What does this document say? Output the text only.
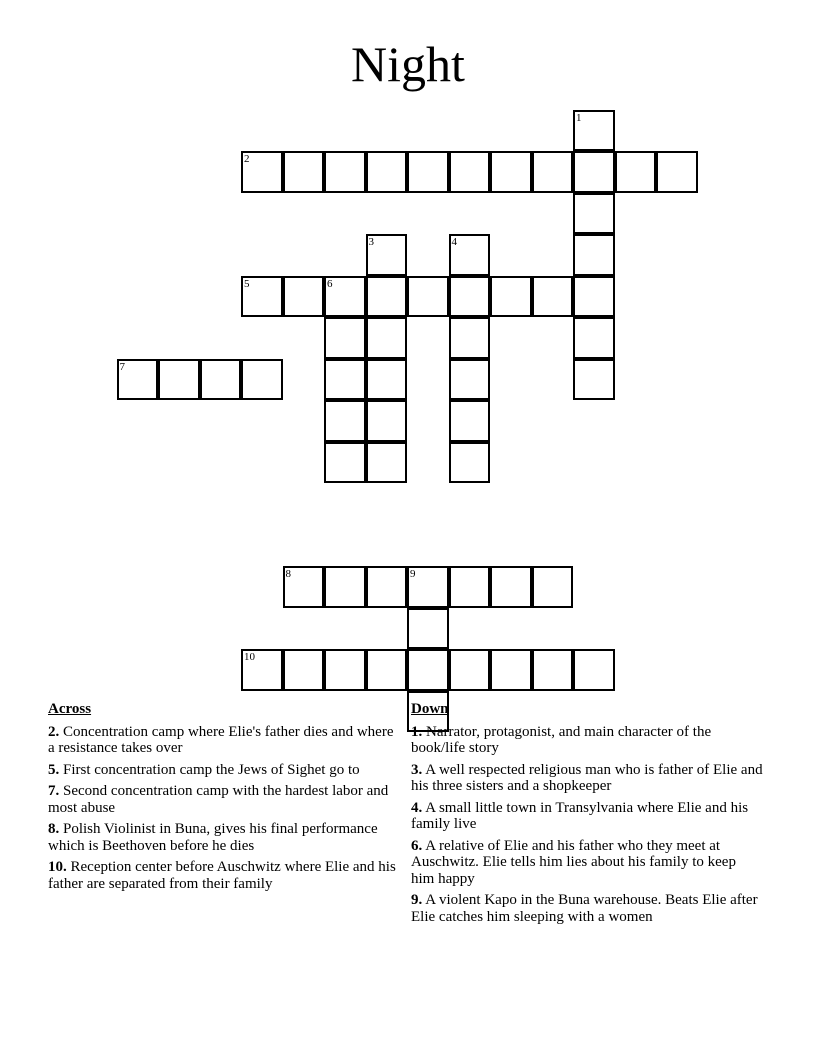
Night
2
1
4
3
5	6
7
8	9
10
Across
2. Concentration camp where Elie's father dies and where a resistance takes over
5. First concentration camp the Jews of Sighet go to
7. Second concentration camp with the hardest labor and most abuse
8. Polish Violinist in Buna, gives his final performance which is Beethoven before he dies
10. Reception center before Auschwitz where Elie and his father are separated from their family
Down
1. Narrator, protagonist, and main character of the book/life story
3. A well respected religious man who is father of Elie and his three sisters and a shopkeeper
4. A small little town in Transylvania where Elie and his family live
6. A relative of Elie and his father who they meet at Auschwitz. Elie tells him lies about his family to keep him happy
9. A violent Kapo in the Buna warehouse. Beats Elie after Elie catches him sleeping with a women
